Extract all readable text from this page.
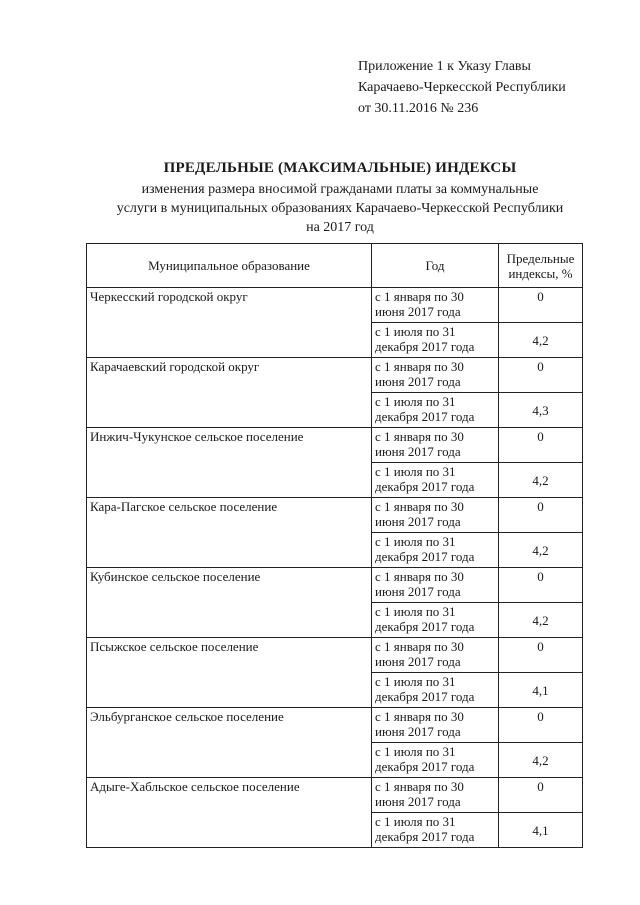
Приложение 1 к Указу Главы
Карачаево-Черкесской Республики
от 30.11.2016 № 236
ПРЕДЕЛЬНЫЕ (МАКСИМАЛЬНЫЕ) ИНДЕКСЫ
изменения размера вносимой гражданами платы за коммунальные
услуги в муниципальных образованиях Карачаево-Черкесской Республики
на 2017 год
Муниципальное образование	Год	Предельные индексы, %
Черкесский городской округ	с 1 января по 30 июня 2017 года	0
	с 1 июля по 31 декабря 2017 года	4,2
Карачаевский городской округ	с 1 января по 30 июня 2017 года	0
	с 1 июля по 31 декабря 2017 года	4,3
Инжич-Чукунское сельское поселение	с 1 января по 30 июня 2017 года	0
	с 1 июля по 31 декабря 2017 года	4,2
Кара-Пагское сельское поселение	с 1 января по 30 июня 2017 года	0
	с 1 июля по 31 декабря 2017 года	4,2
Кубинское сельское поселение	с 1 января по 30 июня 2017 года	0
	с 1 июля по 31 декабря 2017 года	4,2
Псыжское сельское поселение	с 1 января по 30 июня 2017 года	0
	с 1 июля по 31 декабря 2017 года	4,1
Эльбурганское сельское поселение	с 1 января по 30 июня 2017 года	0
	с 1 июля по 31 декабря 2017 года	4,2
Адыге-Хабльское сельское поселение	с 1 января по 30 июня 2017 года	0
	с 1 июля по 31 декабря 2017 года	4,1
